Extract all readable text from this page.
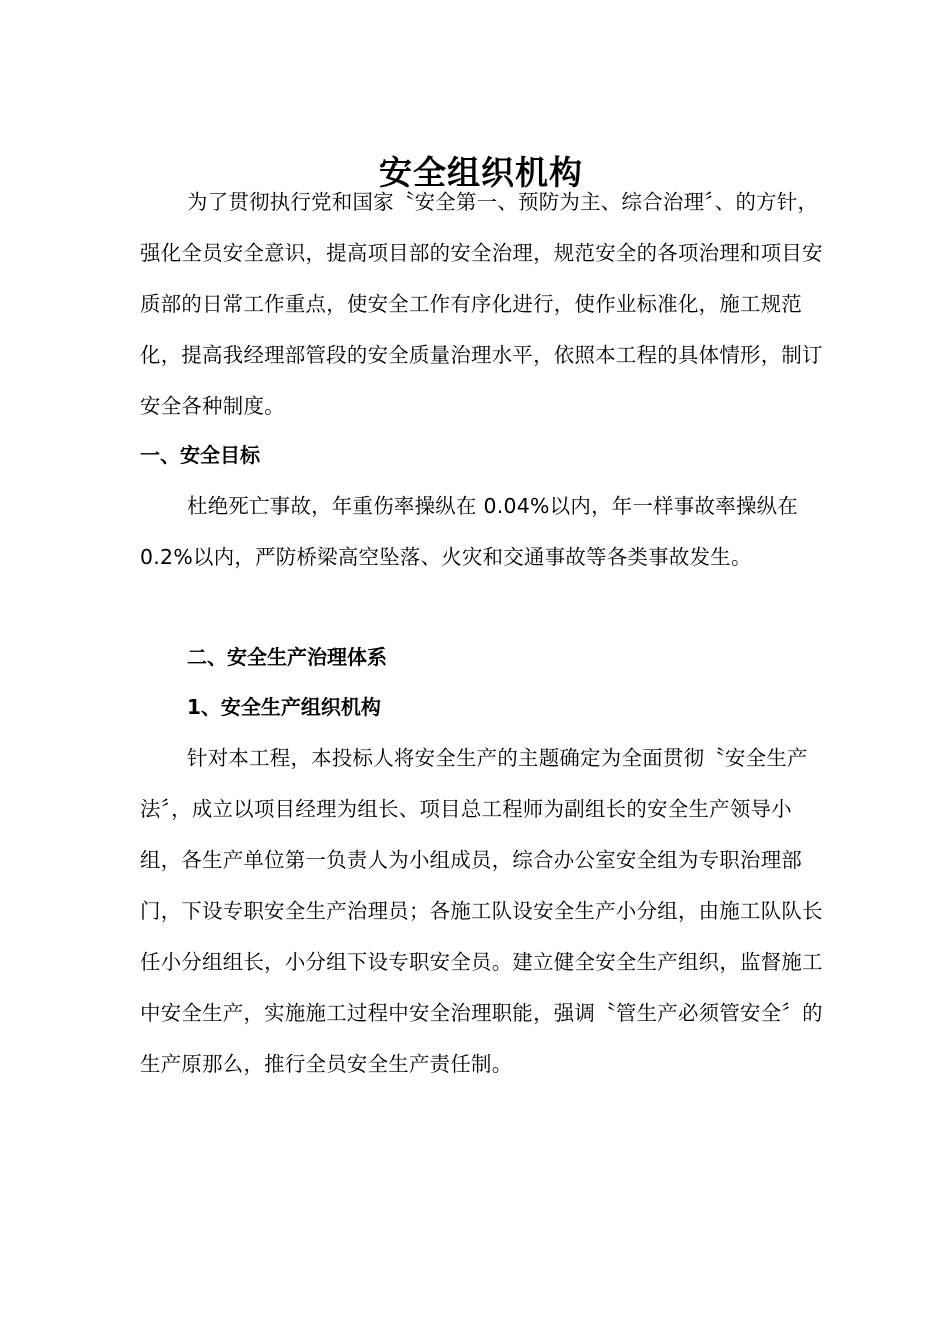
安全组织机构

为了贯彻执行党和国家〝安全第一、预防为主、综合治理〞、的方针，强化全员安全意识，提高项目部的安全治理，规范安全的各项治理和项目安质部的日常工作重点，使安全工作有序化进行，使作业标准化，施工规范化，提高我经理部管段的安全质量治理水平，依照本工程的具体情形，制订安全各种制度。

一、安全目标

杜绝死亡事故，年重伤率操纵在 0.04%以内，年一样事故率操纵在 0.2%以内，严防桥梁高空坠落、火灾和交通事故等各类事故发生。

二、安全生产治理体系
1、安全生产组织机构

针对本工程，本投标人将安全生产的主题确定为全面贯彻〝安全生产法〞，成立以项目经理为组长、项目总工程师为副组长的安全生产领导小组，各生产单位第一负责人为小组成员，综合办公室安全组为专职治理部门，下设专职安全生产治理员；各施工队设安全生产小分组，由施工队队长任小分组组长，小分组下设专职安全员。建立健全安全生产组织，监督施工中安全生产，实施施工过程中安全治理职能，强调〝管生产必须管安全〞的生产原那么，推行全员安全生产责任制。
